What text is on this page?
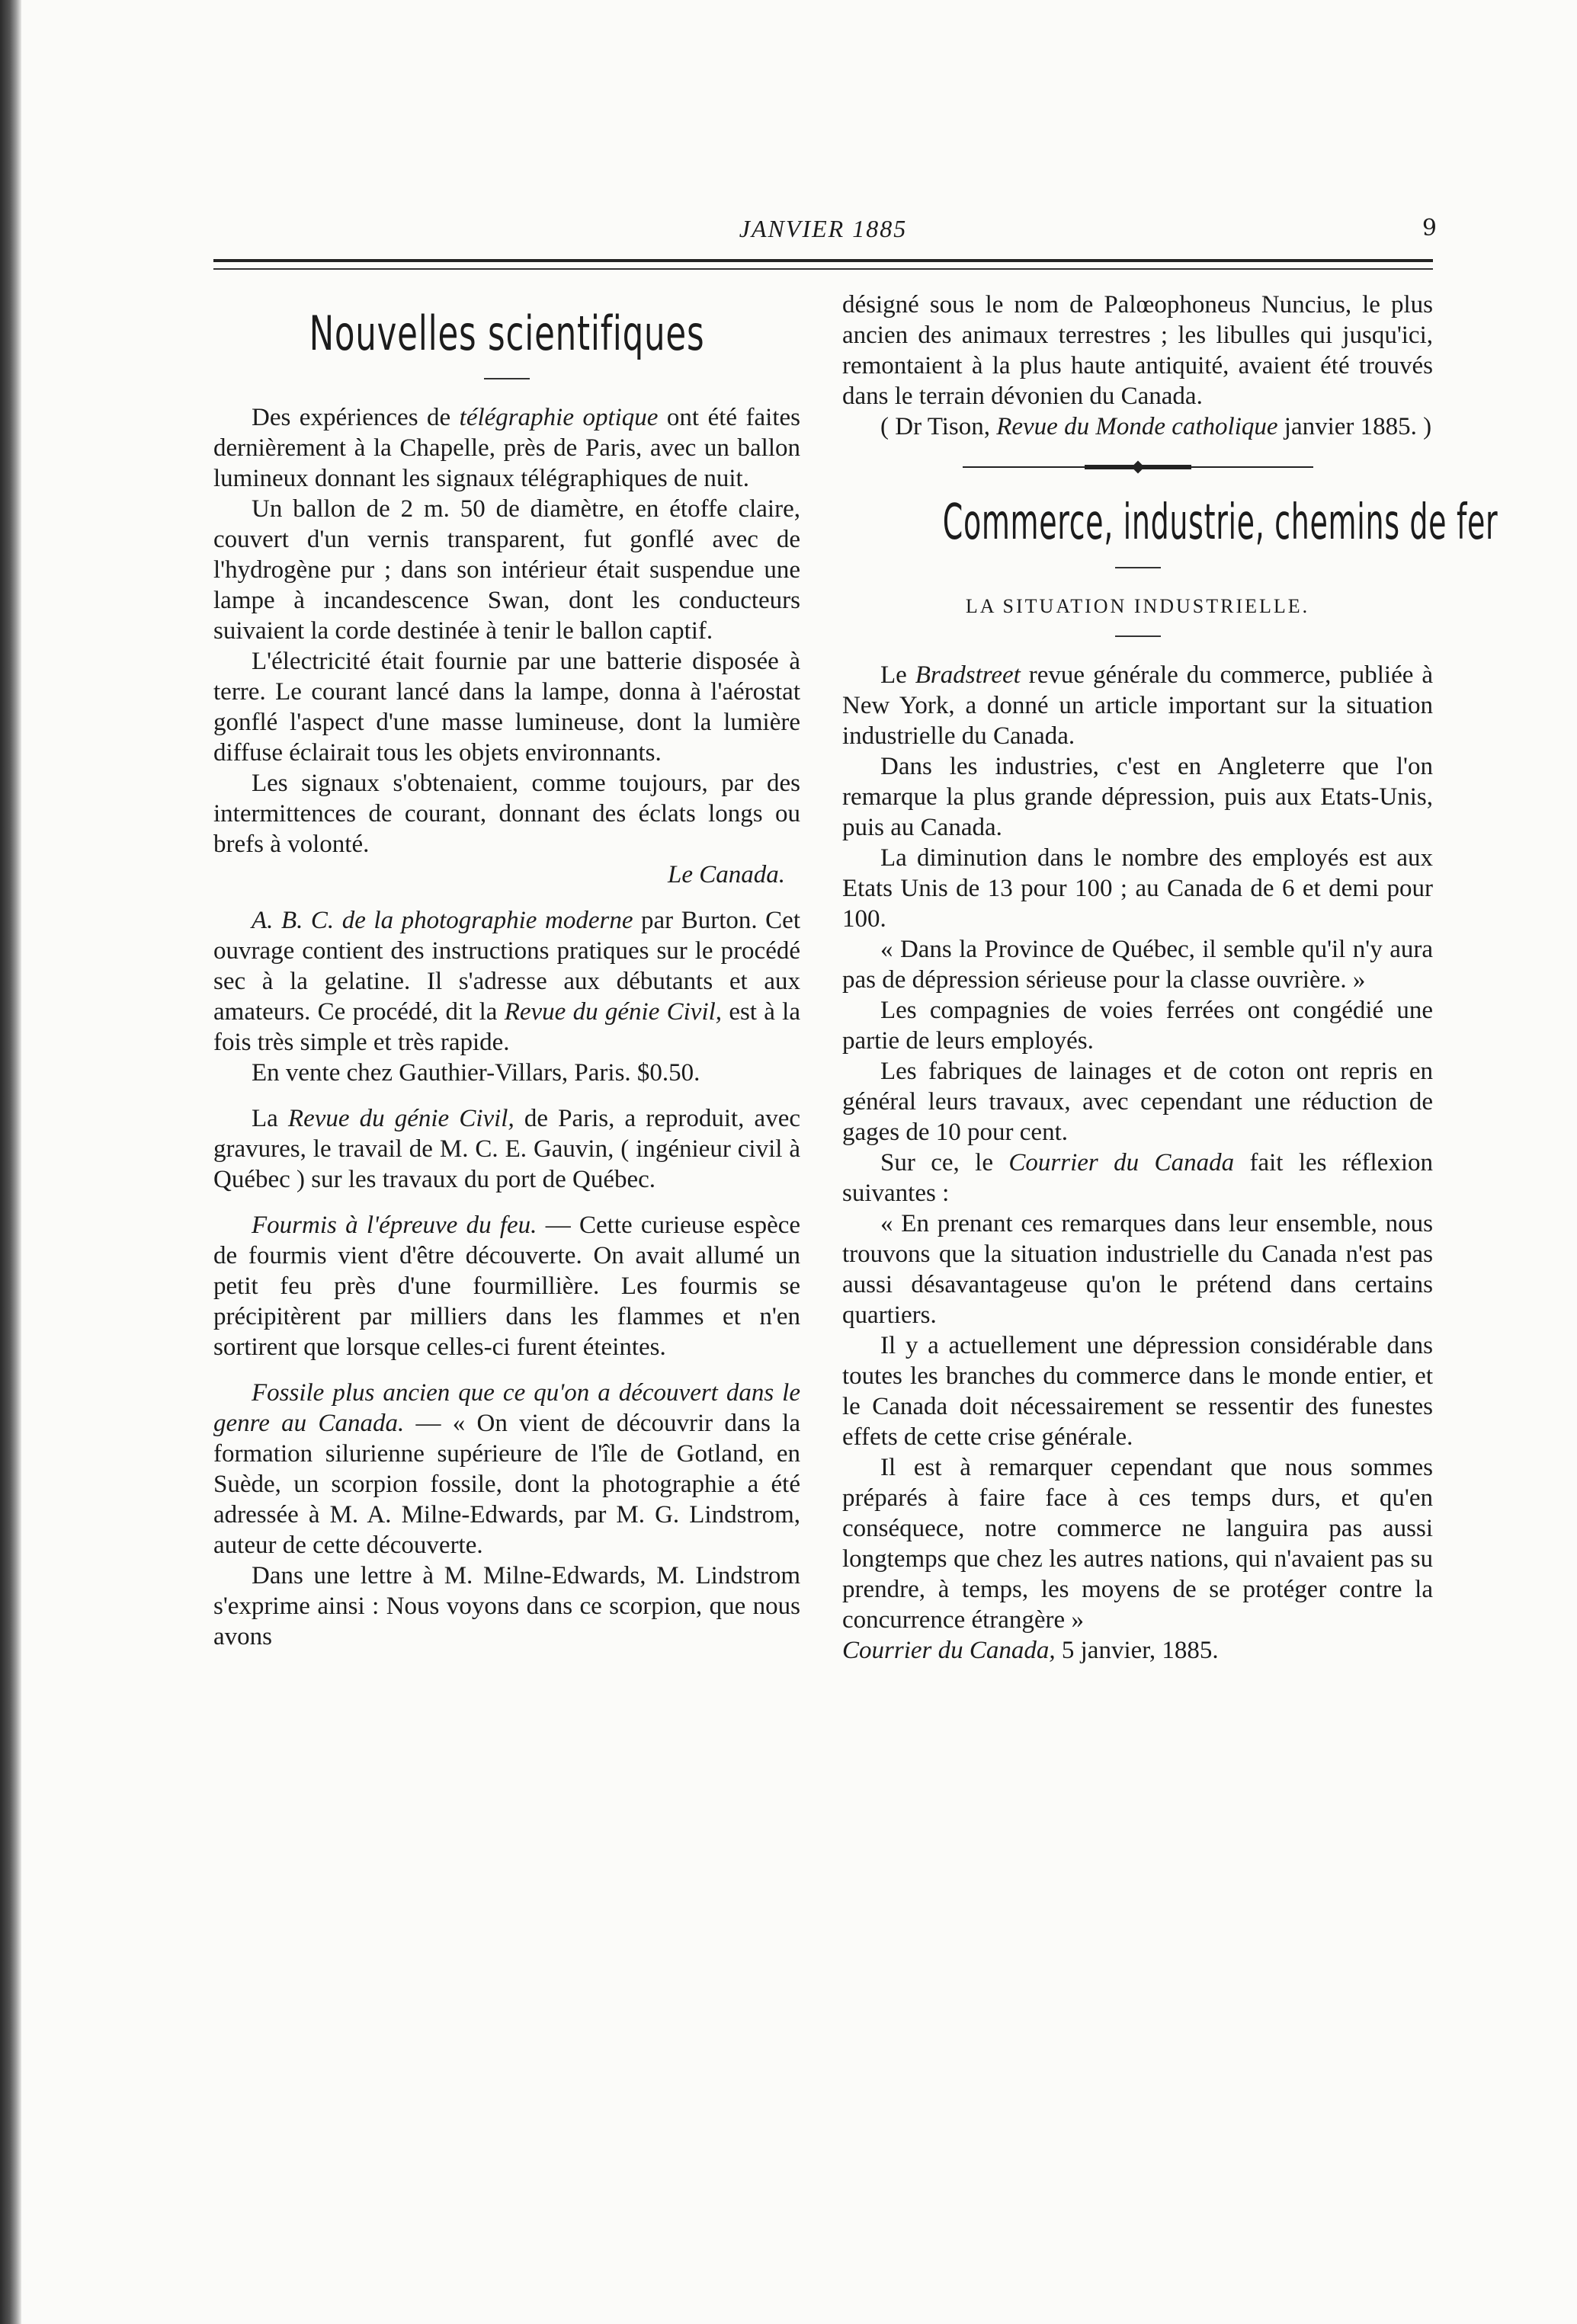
JANVIER 1885	9
Nouvelles scientifiques

Des expériences de télégraphie optique ont été faites dernièrement à la Chapelle, près de Paris, avec un ballon lumineux donnant les signaux télégraphiques de nuit.

Un ballon de 2 m. 50 de diamètre, en étoffe claire, couvert d'un vernis transparent, fut gonflé avec de l'hydrogène pur ; dans son intérieur était suspendue une lampe à incandescence Swan, dont les conducteurs suivaient la corde destinée à tenir le ballon captif.

L'électricité était fournie par une batterie disposée à terre. Le courant lancé dans la lampe, donna à l'aérostat gonflé l'aspect d'une masse lumineuse, dont la lumière diffuse éclairait tous les objets environnants.

Les signaux s'obtenaient, comme toujours, par des intermittences de courant, donnant des éclats longs ou brefs à volonté.

Le Canada.

A. B. C. de la photographie moderne par Burton. Cet ouvrage contient des instructions pratiques sur le procédé sec à la gelatine. Il s'adresse aux débutants et aux amateurs. Ce procédé, dit la Revue du génie Civil, est à la fois très simple et très rapide.

En vente chez Gauthier-Villars, Paris. $0.50.

La Revue du génie Civil, de Paris, a reproduit, avec gravures, le travail de M. C. E. Gauvin, ( ingénieur civil à Québec ) sur les travaux du port de Québec.

Fourmis à l'épreuve du feu. — Cette curieuse espèce de fourmis vient d'être découverte. On avait allumé un petit feu près d'une fourmillière. Les fourmis se précipitèrent par milliers dans les flammes et n'en sortirent que lorsque celles-ci furent éteintes.

Fossile plus ancien que ce qu'on a découvert dans le genre au Canada. — « On vient de découvrir dans la formation silurienne supérieure de l'île de Gotland, en Suède, un scorpion fossile, dont la photographie a été adressée à M. A. Milne-Edwards, par M. G. Lindstrom, auteur de cette découverte.

Dans une lettre à M. Milne-Edwards, M. Lindstrom s'exprime ainsi : Nous voyons dans ce scorpion, que nous avons

désigné sous le nom de Palœophoneus Nuncius, le plus ancien des animaux terrestres ; les libulles qui jusqu'ici, remontaient à la plus haute antiquité, avaient été trouvés dans le terrain dévonien du Canada.

( Dr Tison, Revue du Monde catholique janvier 1885. )

Commerce, industrie, chemins de fer
LA SITUATION INDUSTRIELLE.

Le Bradstreet revue générale du commerce, publiée à New York, a donné un article important sur la situation industrielle du Canada.

Dans les industries, c'est en Angleterre que l'on remarque la plus grande dépression, puis aux Etats-Unis, puis au Canada.

La diminution dans le nombre des employés est aux Etats Unis de 13 pour 100 ; au Canada de 6 et demi pour 100.

« Dans la Province de Québec, il semble qu'il n'y aura pas de dépression sérieuse pour la classe ouvrière. »

Les compagnies de voies ferrées ont congédié une partie de leurs employés.

Les fabriques de lainages et de coton ont repris en général leurs travaux, avec cependant une réduction de gages de 10 pour cent.

Sur ce, le Courrier du Canada fait les réflexion suivantes :

« En prenant ces remarques dans leur ensemble, nous trouvons que la situation industrielle du Canada n'est pas aussi désavantageuse qu'on le prétend dans certains quartiers.

Il y a actuellement une dépression considérable dans toutes les branches du commerce dans le monde entier, et le Canada doit nécessairement se ressentir des funestes effets de cette crise générale.

Il est à remarquer cependant que nous sommes préparés à faire face à ces temps durs, et qu'en conséquece, notre commerce ne languira pas aussi longtemps que chez les autres nations, qui n'avaient pas su prendre, à temps, les moyens de se protéger contre la concurrence étrangère »

Courrier du Canada, 5 janvier, 1885.
